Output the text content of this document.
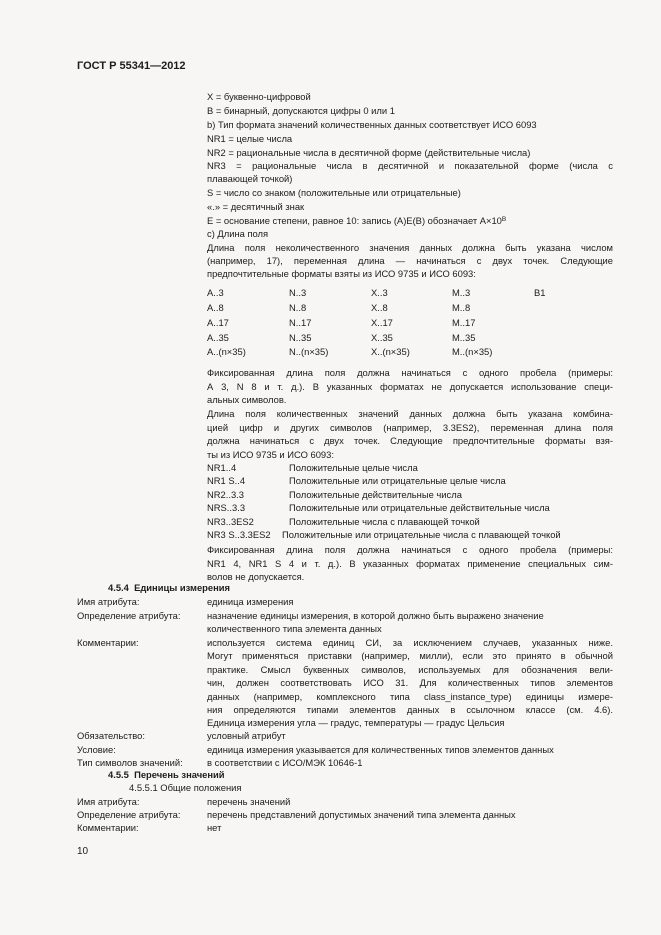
ГОСТ Р 55341—2012
X = буквенно-цифровой
В = бинарный, допускаются цифры 0 или 1
b) Тип формата значений количественных данных соответствует ИСО 6093
NR1 = целые числа
NR2 = рациональные числа в десятичной форме (действительные числа)
NR3 = рациональные числа в десятичной и показательной форме (числа с
плавающей точкой)
S = число со знаком (положительные или отрицательные)
«.» = десятичный знак
Е = основание степени, равное 10: запись (А)Е(В) обозначает $А\times 10^B$
c) Длина поля
Длина поля неколичественного значения данных должна быть указана числом
(например, 17), переменная длина — начинаться с двух точек. Следующие
предпочтительные форматы взяты из ИСО 9735 и ИСО 6093:
A..3	N..3	X..3	M..3	B1
A..8	N..8	X..8	M..8
A..17	N..17	X..17	M..17
A..35	N..35	X..35	M..35
A..(n×35)	N..(n×35)	X..(n×35)	M..(n×35)
Фиксированная длина поля должна начинаться с одного пробела (примеры:
А 3, N 8 и т. д.). В указанных форматах не допускается использование специ-
альных символов.
Длина поля количественных значений данных должна быть указана комбина-
цией цифр и других символов (например, 3.3ES2), переменная длина поля
должна начинаться с двух точек. Следующие предпочтительные форматы взя-
ты из ИСО 9735 и ИСО 6093:
NR1..4	Положительные целые числа
NR1 S..4	Положительные или отрицательные целые числа
NR2..3.3	Положительные действительные числа
NRS..3.3	Положительные или отрицательные действительные числа
NR3..3ES2	Положительные числа с плавающей точкой
NR3 S..3.3ES2 Положительные или отрицательные числа с плавающей точкой
Фиксированная длина поля должна начинаться с одного пробела (примеры:
NR1 4, NR1 S 4 и т. д.). В указанных форматах применение специальных сим-
волов не допускается.
4.5.4 Единицы измерения
Имя атрибута:	единица измерения
Определение атрибута:	назначение единицы измерения, в которой должно быть выражено значение
количественного типа элемента данных
Комментарии:	используется система единиц СИ, за исключением случаев, указанных ниже.
Могут применяться приставки (например, милли), если это принято в обычной
практике. Смысл буквенных символов, используемых для обозначения вели-
чин, должен соответствовать ИСО 31. Для количественных типов элементов
данных (например, комплексного типа class_instance_type) единицы измере-
ния определяются типами элементов данных в ссылочном классе (см. 4.6).
Единица измерения угла — градус, температуры — градус Цельсия
Обязательство:	условный атрибут
Условие:	единица измерения указывается для количественных типов элементов данных
Тип символов значений:	в соответствии с ИСО/МЭК 10646-1
4.5.5 Перечень значений
4.5.5.1 Общие положения
Имя атрибута:	перечень значений
Определение атрибута:	перечень представлений допустимых значений типа элемента данных
Комментарии:	нет
10
